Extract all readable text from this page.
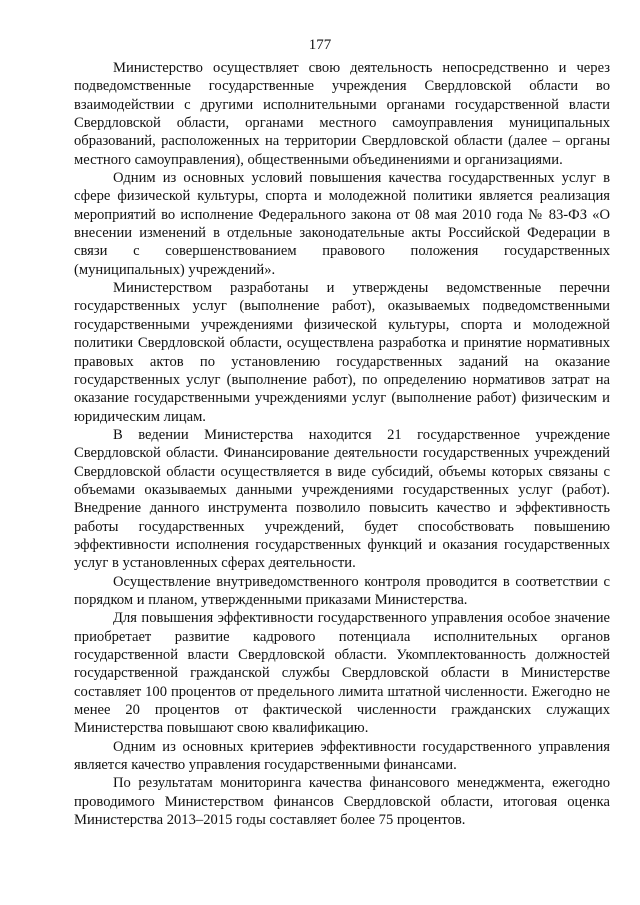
177

Министерство осуществляет свою деятельность непосредственно и через подведомственные государственные учреждения Свердловской области во взаимодействии с другими исполнительными органами государственной власти Свердловской области, органами местного самоуправления муниципальных образований, расположенных на территории Свердловской области (далее – органы местного самоуправления), общественными объединениями и организациями.

Одним из основных условий повышения качества государственных услуг в сфере физической культуры, спорта и молодежной политики является реализация мероприятий во исполнение Федерального закона от 08 мая 2010 года № 83-ФЗ «О внесении изменений в отдельные законодательные акты Российской Федерации в связи с совершенствованием правового положения государственных (муниципальных) учреждений».

Министерством разработаны и утверждены ведомственные перечни государственных услуг (выполнение работ), оказываемых подведомственными государственными учреждениями физической культуры, спорта и молодежной политики Свердловской области, осуществлена разработка и принятие нормативных правовых актов по установлению государственных заданий на оказание государственных услуг (выполнение работ), по определению нормативов затрат на оказание государственными учреждениями услуг (выполнение работ) физическим и юридическим лицам.

В ведении Министерства находится 21 государственное учреждение Свердловской области. Финансирование деятельности государственных учреждений Свердловской области осуществляется в виде субсидий, объемы которых связаны с объемами оказываемых данными учреждениями государственных услуг (работ). Внедрение данного инструмента позволило повысить качество и эффективность работы государственных учреждений, будет способствовать повышению эффективности исполнения государственных функций и оказания государственных услуг в установленных сферах деятельности.

Осуществление внутриведомственного контроля проводится в соответствии с порядком и планом, утвержденными приказами Министерства.

Для повышения эффективности государственного управления особое значение приобретает развитие кадрового потенциала исполнительных органов государственной власти Свердловской области. Укомплектованность должностей государственной гражданской службы Свердловской области в Министерстве составляет 100 процентов от предельного лимита штатной численности. Ежегодно не менее 20 процентов от фактической численности гражданских служащих Министерства повышают свою квалификацию.

Одним из основных критериев эффективности государственного управления является качество управления государственными финансами.

По результатам мониторинга качества финансового менеджмента, ежегодно проводимого Министерством финансов Свердловской области, итоговая оценка Министерства 2013–2015 годы составляет более 75 процентов.
